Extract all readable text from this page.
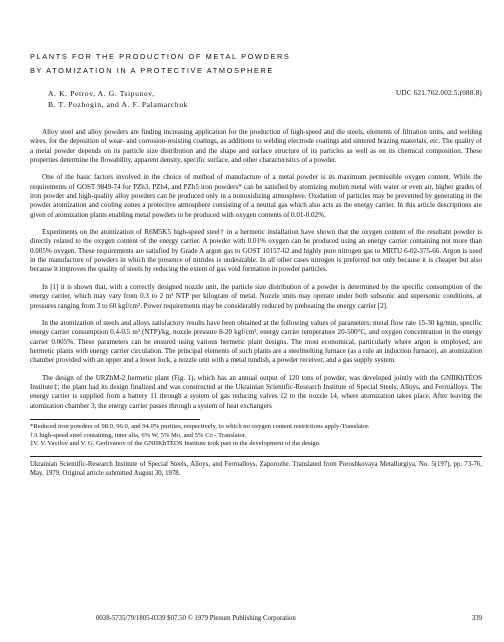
PLANTS FOR THE PRODUCTION OF METAL POWDERS
BY ATOMIZATION IN A PROTECTIVE ATMOSPHERE
A. K. Petrov, A. G. Tsipunov,
B. T. Pozhogin, and A. F. Palamarchuk
UDC 621.762.002.5.(088.8)

Alloy steel and alloy powders are finding increasing application for the production of high-speed and die steels, elements of filtration units, and welding wires, for the deposition of wear- and corrosion-resisting coatings, as additions to welding electrode coatings and sintered brazing materials, etc. The quality of a metal powder depends on its particle size distribution and the shape and surface structure of its particles as well as on its chemical composition. These properties determine the flowability, apparent density, specific surface, and other characteristics of a powder.

One of the basic factors involved in the choice of method of manufacture of a metal powder is its maximum permissible oxygen content. While the requirements of GOST 9849-74 for PZh3, PZh4, and PZh5 iron powders* can be satisfied by atomizing molten metal with water or even air, higher grades of iron powder and high-quality alloy powders can be produced only in a nonoxidizing atmosphere. Oxidation of particles may be prevented by generating in the powder atomization and cooling zones a protective atmosphere consisting of a neutral gas which also acts as the energy carrier. In this article descriptions are given of atomization plants enabling metal powders to be produced with oxygen contents of 0.01-0.02%.

Experiments on the atomization of R6M5K5 high-speed steel† in a hermetic installation have shown that the oxygen content of the resultant powder is directly related to the oxygen content of the energy carrier. A powder with 0.01% oxygen can be produced using an energy carrier containing not more than 0.005% oxygen. These requirements are satisfied by Grade A argon gas to GOST 10157-62 and highly pure nitrogen gas to MRTU 6-02-375-66. Argon is used in the manufacture of powders in which the presence of nitrides is undesirable. In all other cases nitrogen is preferred not only because it is cheaper but also because it improves the quality of steels by reducing the extent of gas void formation in powder particles.

In [1] it is shown that, with a correctly designed nozzle unit, the particle size distribution of a powder is determined by the specific consumption of the energy carrier, which may vary from 0.3 to 2 m³ NTP per kilogram of metal. Nozzle units may operate under both subsonic and supersonic conditions, at pressures ranging from 3 to 60 kgf/cm². Power requirements may be considerably reduced by preheating the energy carrier [2].

In the atomization of steels and alloys satisfactory results have been obtained at the following values of parameters: metal flow rate 15-30 kg/min, specific energy carrier consumption 0.4-0.5 m³ (NTP)/kg, nozzle pressure 8-20 kgf/cm², energy carrier temperature 20-500°C, and oxygen concentration in the energy carrier 0.005%. These parameters can be ensured using various hermetic plant designs. The most economical, particularly where argon is employed, are hermetic plants with energy carrier circulation. The principal elements of such plants are a steelmelting furnace (as a rule an induction furnace), an atomization chamber provided with an upper and a lower lock, a nozzle unit with a metal tundish, a powder receiver, and a gas supply system.

The design of the URZhM-2 hermetic plant (Fig. 1), which has an annual output of 120 tons of powder, was developed jointly with the GNIIKhTÉOS Institute‡; the plant had its design finalized and was constructed at the Ukrainian Scientific-Research Institute of Special Steels, Alloys, and Ferroalloys. The energy carrier is supplied from a battery 11 through a system of gas reducing valves 12 to the nozzle 14, where atomization takes place. After leaving the atomization chamber 3, the energy carrier passes through a system of heat exchangers

*Reduced iron powders of 98.0, 96.0, and 94.0% purities, respectively, to which no oxygen content restrictions apply-Translator.

†A high-speed steel containing, inter alia, 6% W, 5% Mo, and 5% Co - Translator.

‡V. V. Vavilov and V. G. Gerlivanov of the GNIIKhTÉOS Institute took part in the development of the design.

Ukrainian Scientific-Research Institute of Special Steels, Alloys, and Ferroalloys, Zaporozhe. Translated from Poroshkovaya Metallurgiya, No. 5(197), pp. 73-76, May, 1979. Original article submitted August 30, 1978.
0038-5735/79/1805-0339 $07.50 © 1979 Plenum Publishing Corporation	339
